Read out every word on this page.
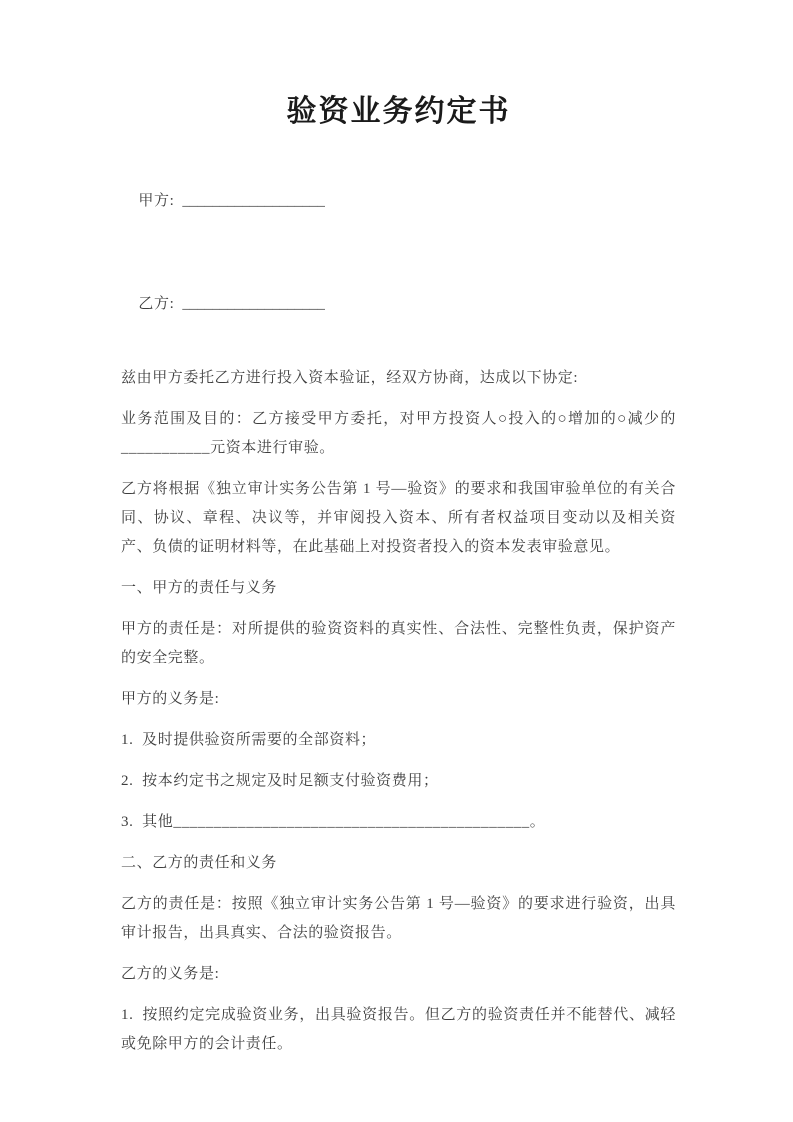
验资业务约定书

甲方: ___________________

乙方: ___________________

兹由甲方委托乙方进行投入资本验证，经双方协商，达成以下协定:

业务范围及目的：乙方接受甲方委托，对甲方投资人○投入的○增加的○减少的___________元资本进行审验。

乙方将根据《独立审计实务公告第 1 号—验资》的要求和我国审验单位的有关合同、协议、章程、决议等，并审阅投入资本、所有者权益项目变动以及相关资产、负债的证明材料等，在此基础上对投资者投入的资本发表审验意见。

一、甲方的责任与义务

甲方的责任是：对所提供的验资资料的真实性、合法性、完整性负责，保护资产的安全完整。

甲方的义务是:

1.  及时提供验资所需要的全部资料；

2.  按本约定书之规定及时足额支付验资费用；

3.  其他____________________________________________。

二、乙方的责任和义务

乙方的责任是：按照《独立审计实务公告第 1 号—验资》的要求进行验资，出具审计报告，出具真实、合法的验资报告。

乙方的义务是:

1.  按照约定完成验资业务，出具验资报告。但乙方的验资责任并不能替代、减轻或免除甲方的会计责任。
